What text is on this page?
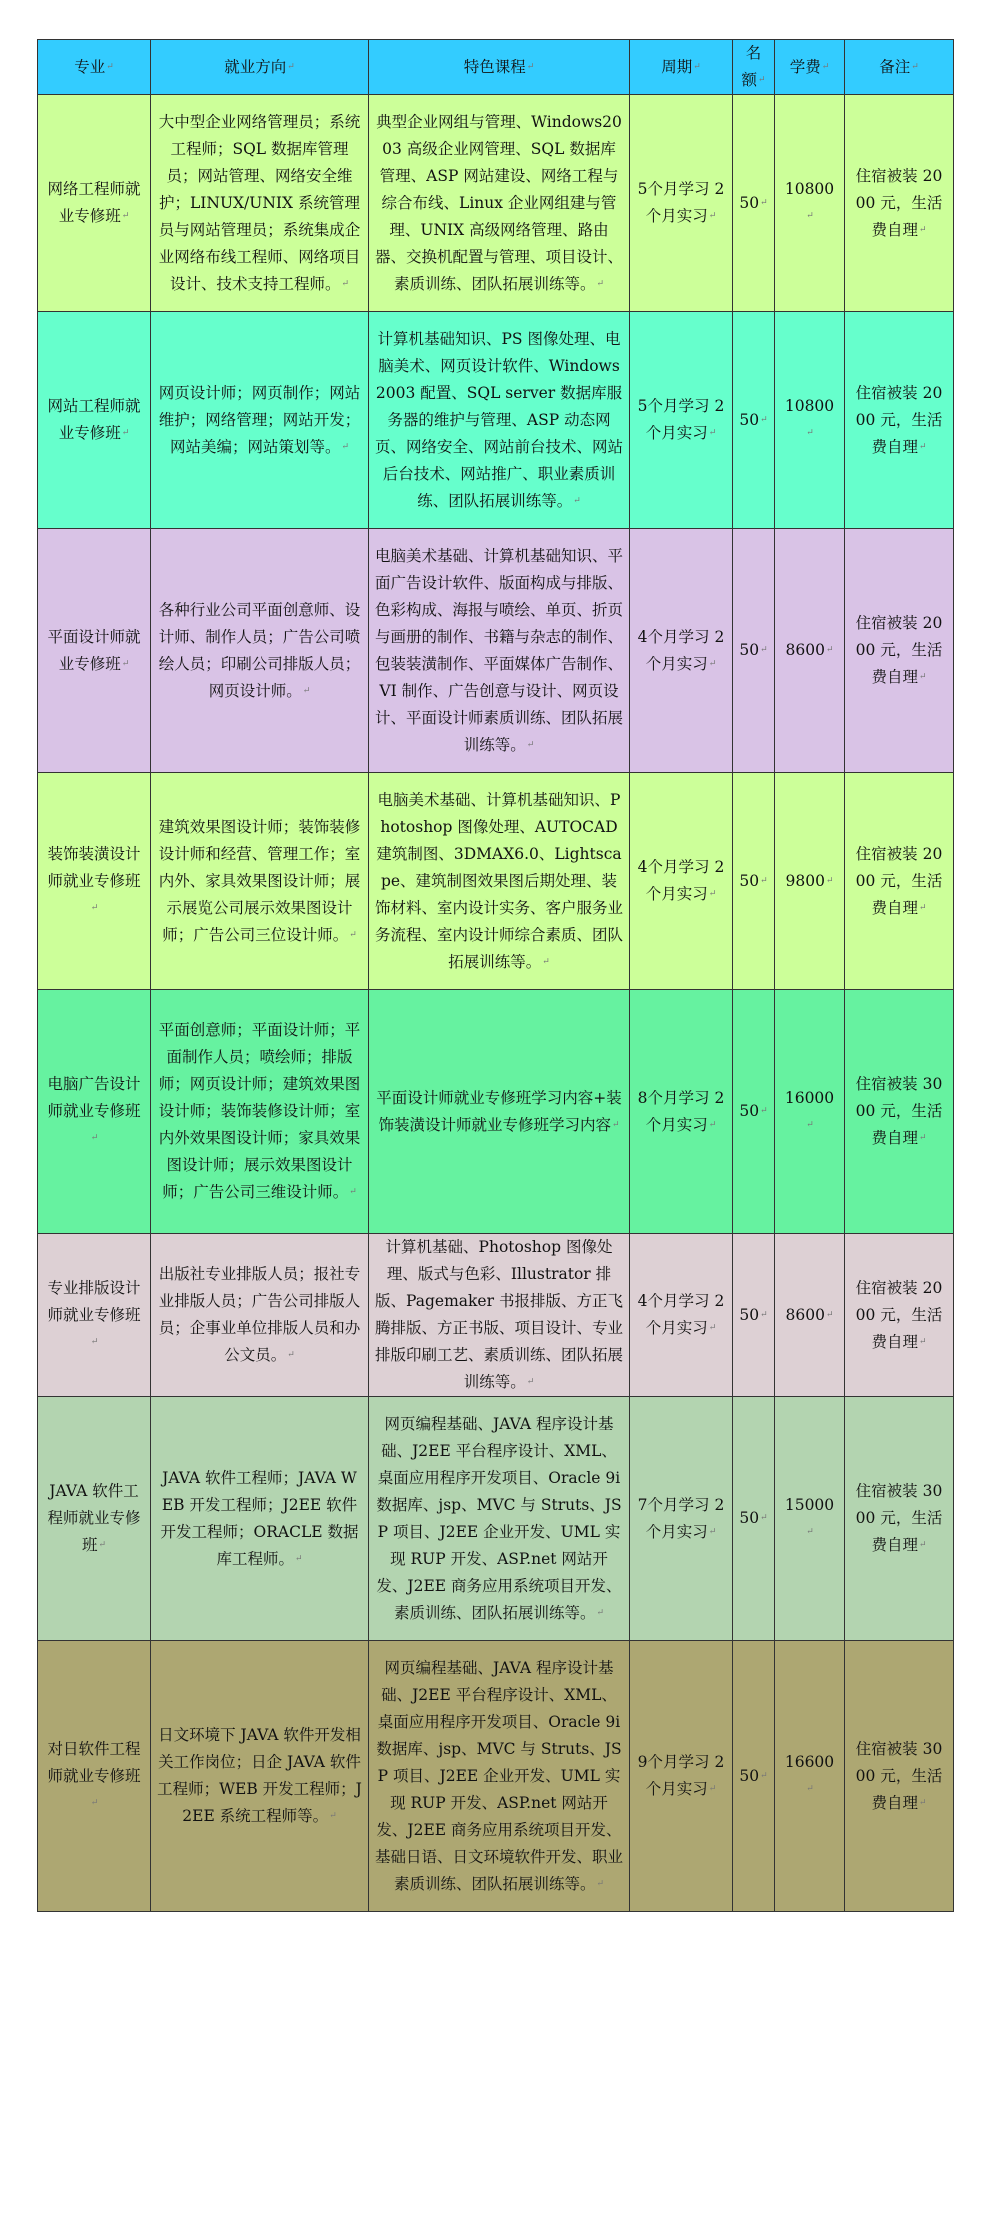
专业 ↵	就业方向 ↵	特色课程 ↵	周期 ↵	名额 ↵	学费 ↵	备注 ↵
网络工程师就业专修班 ↵	大中型企业网络管理员；系统工程师；SQL 数据库管理员；网站管理、网络安全维护；LINUX/UNIX 系统管理员与网站管理员；系统集成企业网络布线工程师、网络项目设计、技术支持工程师。 ↵	典型企业网组与管理、Windows2003 高级企业网管理、SQL 数据库管理、ASP 网站建设、网络工程与综合布线、Linux 企业网组建与管理、UNIX 高级网络管理、路由器、交换机配置与管理、项目设计、素质训练、团队拓展训练等。 ↵	5个月学习 2个月实习 ↵	50 ↵	10800 ↵	住宿被装 2000 元，生活费自理 ↵
网站工程师就业专修班 ↵	网页设计师；网页制作；网站维护；网络管理；网站开发；网站美编；网站策划等。 ↵	计算机基础知识、PS 图像处理、电脑美术、网页设计软件、Windows2003 配置、SQL server 数据库服务器的维护与管理、ASP 动态网页、网络安全、网站前台技术、网站后台技术、网站推广、职业素质训练、团队拓展训练等。 ↵	5个月学习 2个月实习 ↵	50 ↵	10800 ↵	住宿被装 2000 元，生活费自理 ↵
平面设计师就业专修班 ↵	各种行业公司平面创意师、设计师、制作人员；广告公司喷绘人员；印刷公司排版人员；网页设计师。 ↵	电脑美术基础、计算机基础知识、平面广告设计软件、版面构成与排版、色彩构成、海报与喷绘、单页、折页与画册的制作、书籍与杂志的制作、包装装潢制作、平面媒体广告制作、VI 制作、广告创意与设计、网页设计、平面设计师素质训练、团队拓展训练等。 ↵	4个月学习 2个月实习 ↵	50 ↵	8600 ↵	住宿被装 2000 元，生活费自理 ↵
装饰装潢设计师就业专修班 ↵	建筑效果图设计师；装饰装修设计师和经营、管理工作；室内外、家具效果图设计师；展示展览公司展示效果图设计师；广告公司三位设计师。 ↵	电脑美术基础、计算机基础知识、Photoshop 图像处理、AUTOCAD 建筑制图、3DMAX6.0、Lightscape、建筑制图效果图后期处理、装饰材料、室内设计实务、客户服务业务流程、室内设计师综合素质、团队拓展训练等。 ↵	4个月学习 2个月实习 ↵	50 ↵	9800 ↵	住宿被装 2000 元，生活费自理 ↵
电脑广告设计师就业专修班 ↵	平面创意师；平面设计师；平面制作人员；喷绘师；排版师；网页设计师；建筑效果图设计师；装饰装修设计师；室内外效果图设计师；家具效果图设计师；展示效果图设计师；广告公司三维设计师。 ↵	平面设计师就业专修班学习内容+装饰装潢设计师就业专修班学习内容 ↵	8个月学习 2个月实习 ↵	50 ↵	16000 ↵	住宿被装 3000 元，生活费自理 ↵
专业排版设计师就业专修班 ↵	出版社专业排版人员；报社专业排版人员；广告公司排版人员；企事业单位排版人员和办公文员。 ↵	计算机基础、Photoshop 图像处理、版式与色彩、Illustrator 排版、Pagemaker 书报排版、方正飞腾排版、方正书版、项目设计、专业排版印刷工艺、素质训练、团队拓展训练等。 ↵	4个月学习 2个月实习 ↵	50 ↵	8600 ↵	住宿被装 2000 元，生活费自理 ↵
JAVA 软件工程师就业专修班 ↵	JAVA 软件工程师；JAVA WEB 开发工程师；J2EE 软件开发工程师；ORACLE 数据库工程师。 ↵	网页编程基础、JAVA 程序设计基础、J2EE 平台程序设计、XML、桌面应用程序开发项目、Oracle 9i 数据库、jsp、MVC 与 Struts、JSP 项目、J2EE 企业开发、UML 实现 RUP 开发、ASP.net 网站开发、J2EE 商务应用系统项目开发、素质训练、团队拓展训练等。 ↵	7个月学习 2个月实习 ↵	50 ↵	15000 ↵	住宿被装 3000 元，生活费自理 ↵
对日软件工程师就业专修班 ↵	日文环境下 JAVA 软件开发相关工作岗位；日企 JAVA 软件工程师；WEB 开发工程师；J2EE 系统工程师等。 ↵	网页编程基础、JAVA 程序设计基础、J2EE 平台程序设计、XML、桌面应用程序开发项目、Oracle 9i 数据库、jsp、MVC 与 Struts、JSP 项目、J2EE 企业开发、UML 实现 RUP 开发、ASP.net 网站开发、J2EE 商务应用系统项目开发、基础日语、日文环境软件开发、职业素质训练、团队拓展训练等。 ↵	9个月学习 2个月实习 ↵	50 ↵	16600 ↵	住宿被装 3000 元，生活费自理 ↵
